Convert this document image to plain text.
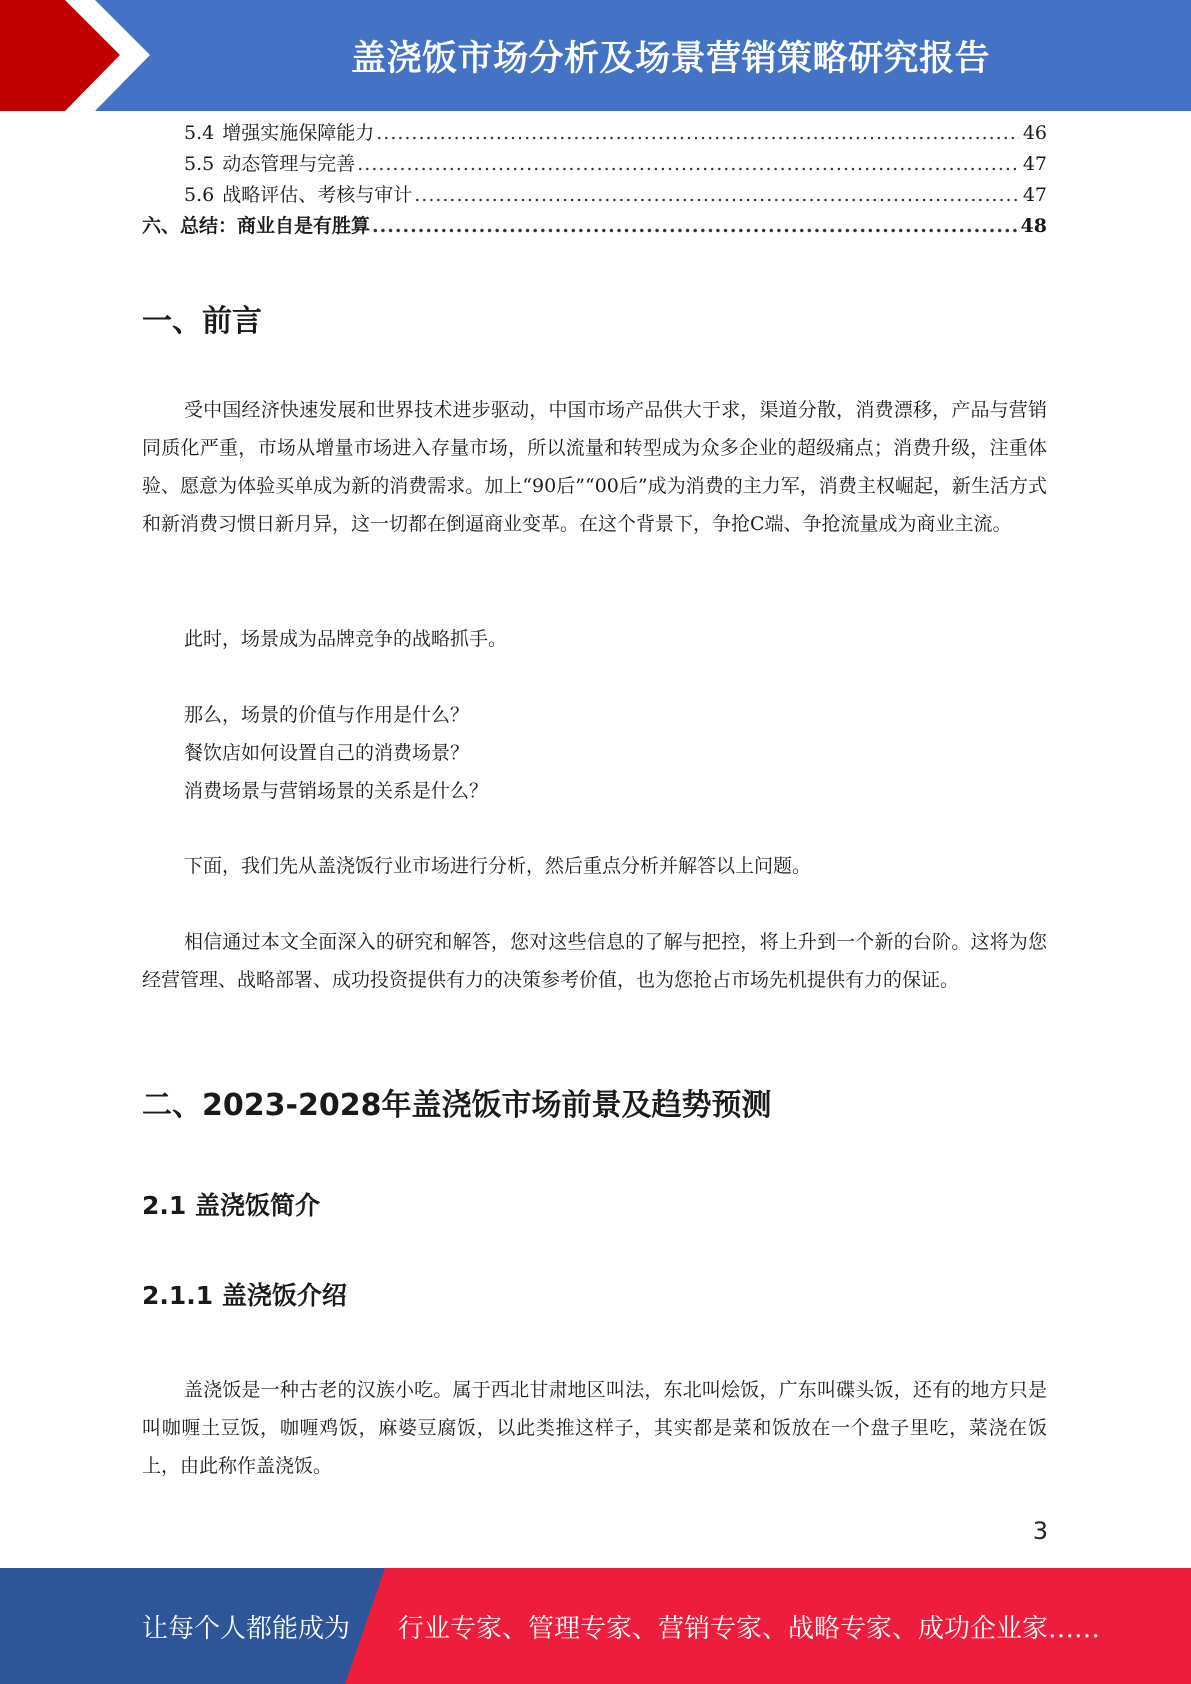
盖浇饭市场分析及场景营销策略研究报告
5.4 增强实施保障能力 .....	46
5.5 动态管理与完善 .....	47
5.6 战略评估、考核与审计 .....	47
六、总结：商业自是有胜算 .....	48
一、前言

受中国经济快速发展和世界技术进步驱动，中国市场产品供大于求，渠道分散，消费漂移，产品与营销同质化严重，市场从增量市场进入存量市场，所以流量和转型成为众多企业的超级痛点；消费升级，注重体验、愿意为体验买单成为新的消费需求。加上“90后”“00后”成为消费的主力军，消费主权崛起，新生活方式和新消费习惯日新月异，这一切都在倒逼商业变革。在这个背景下，争抢C端、争抢流量成为商业主流。

此时，场景成为品牌竞争的战略抓手。

那么，场景的价值与作用是什么？

餐饮店如何设置自己的消费场景？

消费场景与营销场景的关系是什么？

下面，我们先从盖浇饭行业市场进行分析，然后重点分析并解答以上问题。

相信通过本文全面深入的研究和解答，您对这些信息的了解与把控，将上升到一个新的台阶。这将为您经营管理、战略部署、成功投资提供有力的决策参考价值，也为您抢占市场先机提供有力的保证。

二、2023-2028年盖浇饭市场前景及趋势预测
2.1 盖浇饭简介
2.1.1 盖浇饭介绍

盖浇饭是一种古老的汉族小吃。属于西北甘肃地区叫法，东北叫烩饭，广东叫碟头饭，还有的地方只是叫咖喱土豆饭，咖喱鸡饭，麻婆豆腐饭，以此类推这样子，其实都是菜和饭放在一个盘子里吃，菜浇在饭上，由此称作盖浇饭。

3
让每个人都能成为 行业专家、管理专家、营销专家、战略专家、成功企业家……
